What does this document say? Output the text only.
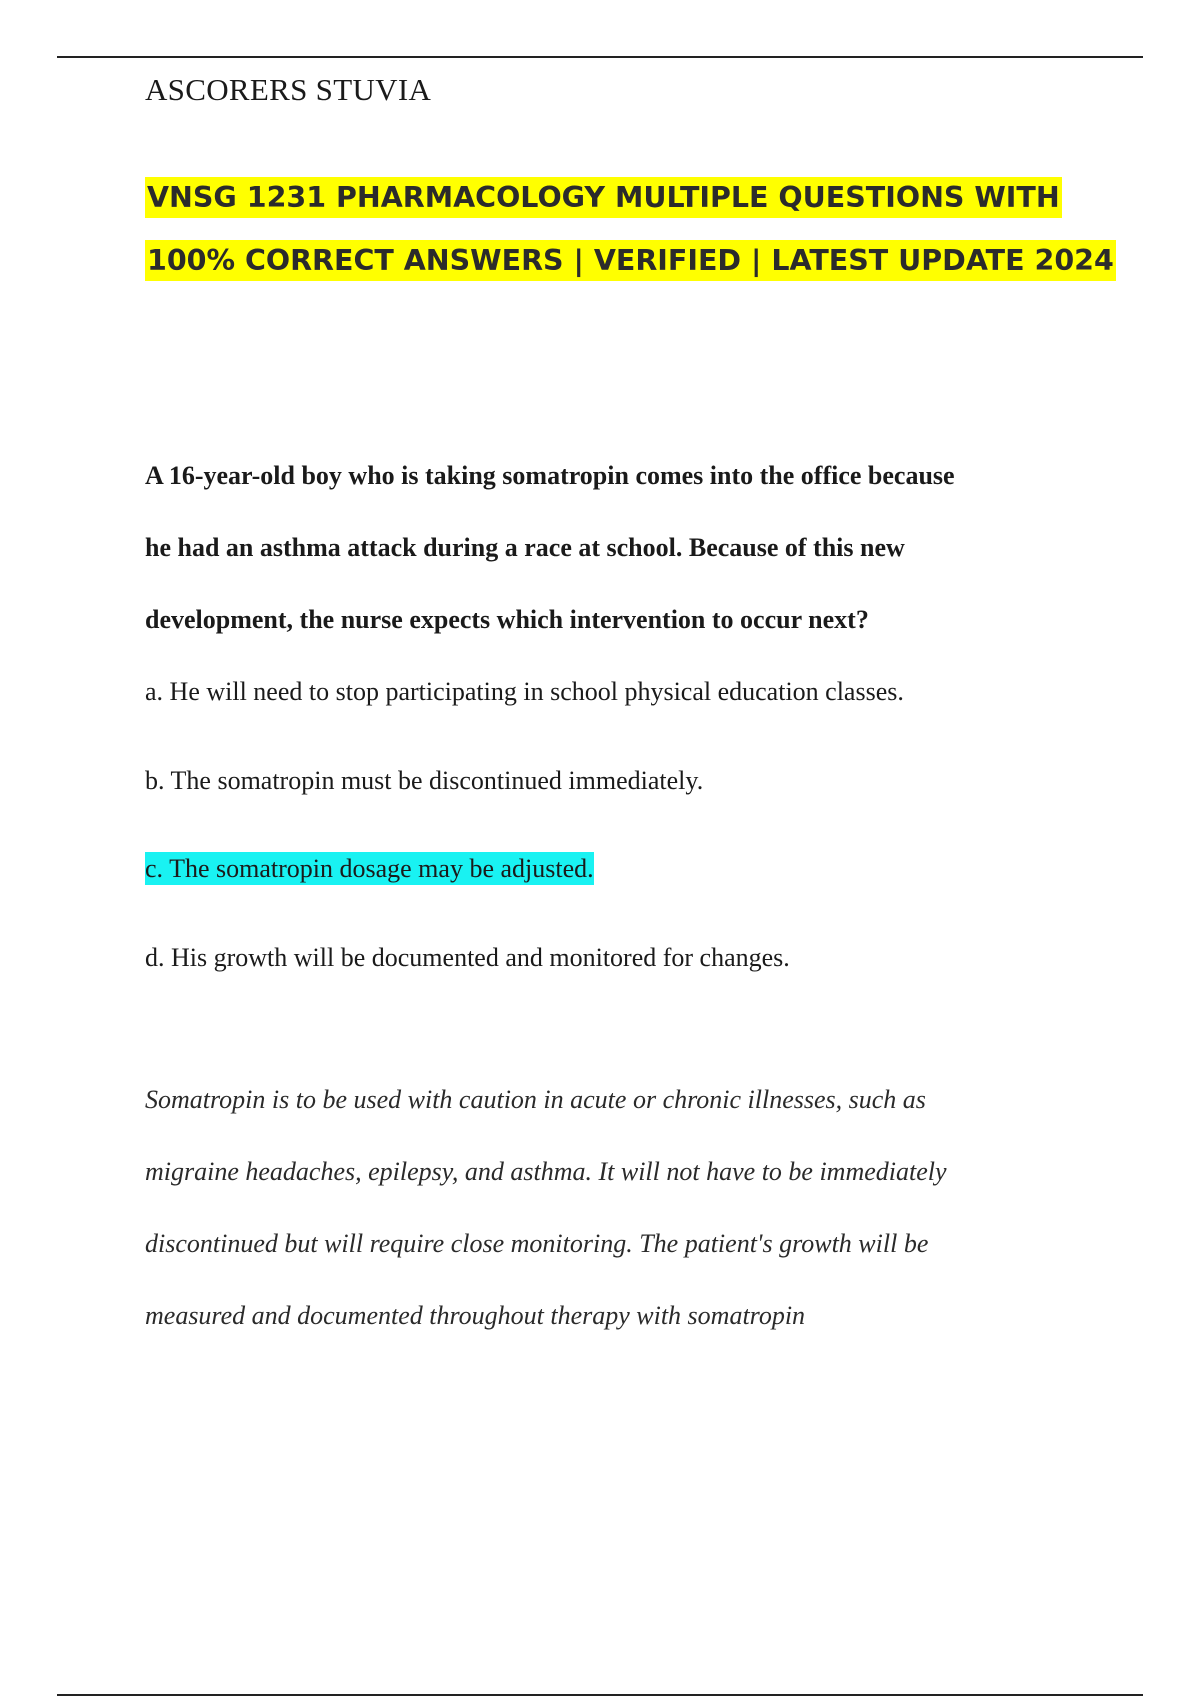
ASCORERS STUVIA
VNSG 1231 PHARMACOLOGY MULTIPLE QUESTIONS WITH
100% CORRECT ANSWERS | VERIFIED | LATEST UPDATE 2024
A 16-year-old boy who is taking somatropin comes into the office because
he had an asthma attack during a race at school. Because of this new
development, the nurse expects which intervention to occur next?
a. He will need to stop participating in school physical education classes.
b. The somatropin must be discontinued immediately.
c. The somatropin dosage may be adjusted.
d. His growth will be documented and monitored for changes.
Somatropin is to be used with caution in acute or chronic illnesses, such as
migraine headaches, epilepsy, and asthma. It will not have to be immediately
discontinued but will require close monitoring. The patient's growth will be
measured and documented throughout therapy with somatropin
